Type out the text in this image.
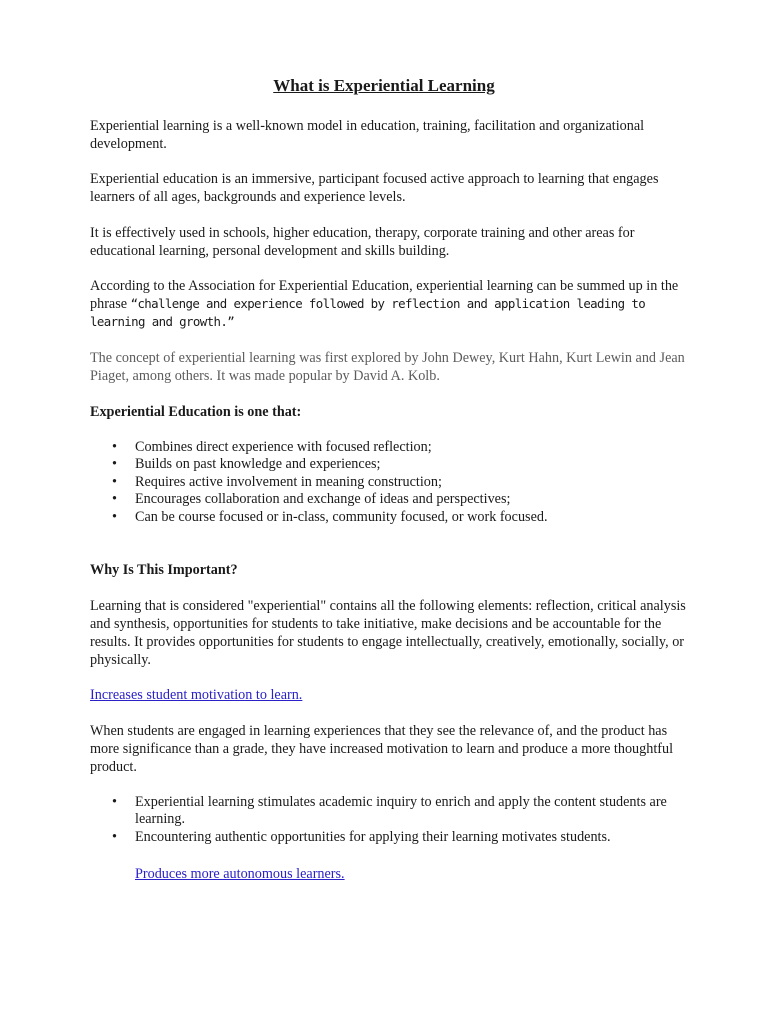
What is Experiential Learning

Experiential learning is a well-known model in education, training, facilitation and organizational development.

Experiential education is an immersive, participant focused active approach to learning that engages learners of all ages, backgrounds and experience levels.

It is effectively used in schools, higher education, therapy, corporate training and other areas for educational learning, personal development and skills building.

According to the Association for Experiential Education, experiential learning can be summed up in the phrase “challenge and experience followed by reflection and application leading to learning and growth.”

The concept of experiential learning was first explored by John Dewey, Kurt Hahn, Kurt Lewin and Jean Piaget, among others. It was made popular by David A. Kolb.

Experiential Education is one that:

• Combines direct experience with focused reflection;
• Builds on past knowledge and experiences;
• Requires active involvement in meaning construction;
• Encourages collaboration and exchange of ideas and perspectives;
• Can be course focused or in-class, community focused, or work focused.

Why Is This Important?

Learning that is considered "experiential" contains all the following elements: reflection, critical analysis and synthesis, opportunities for students to take initiative, make decisions and be accountable for the results. It provides opportunities for students to engage intellectually, creatively, emotionally, socially, or physically.

Increases student motivation to learn.

When students are engaged in learning experiences that they see the relevance of, and the product has more significance than a grade, they have increased motivation to learn and produce a more thoughtful product.

• Experiential learning stimulates academic inquiry to enrich and apply the content students are learning.
• Encountering authentic opportunities for applying their learning motivates students.

Produces more autonomous learners.
